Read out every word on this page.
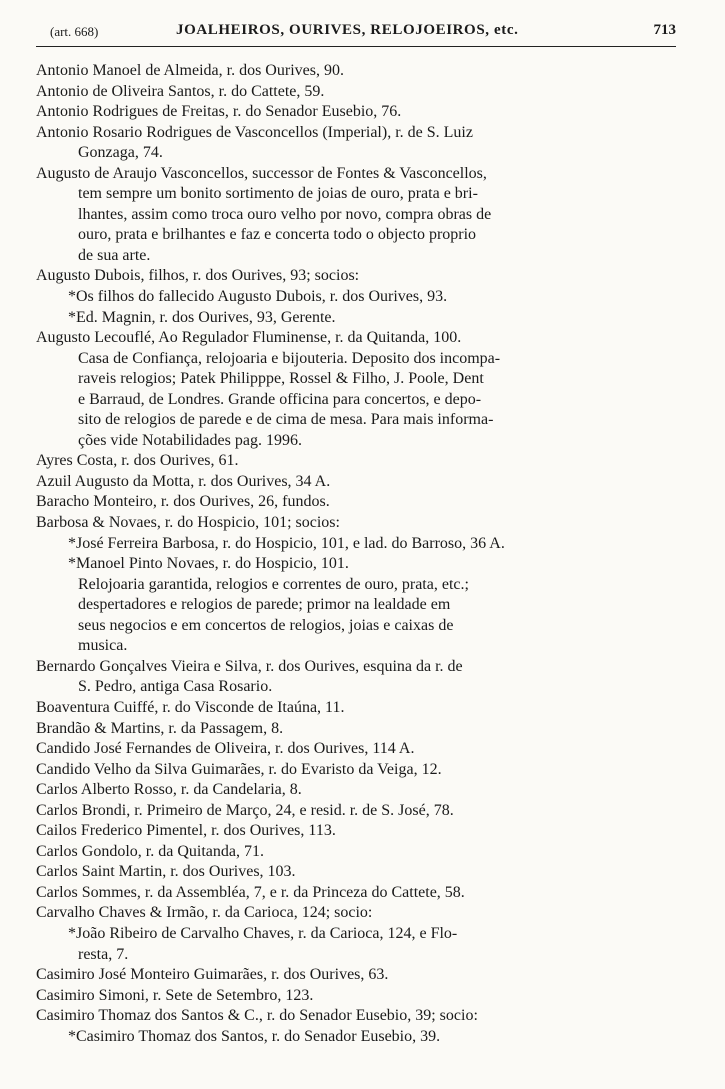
(art. 668)	JOALHEIROS, OURIVES, RELOJOEIROS, etc.	713
Antonio Manoel de Almeida, r. dos Ourives, 90.
Antonio de Oliveira Santos, r. do Cattete, 59.
Antonio Rodrigues de Freitas, r. do Senador Eusebio, 76.
Antonio Rosario Rodrigues de Vasconcellos (Imperial), r. de S. Luiz
Gonzaga, 74.
Augusto de Araujo Vasconcellos, successor de Fontes & Vasconcellos,
tem sempre um bonito sortimento de joias de ouro, prata e bri-
lhantes, assim como troca ouro velho por novo, compra obras de
ouro, prata e brilhantes e faz e concerta todo o objecto proprio
de sua arte.
Augusto Dubois, filhos, r. dos Ourives, 93; socios:
*Os filhos do fallecido Augusto Dubois, r. dos Ourives, 93.
*Ed. Magnin, r. dos Ourives, 93, Gerente.
Augusto Lecouflé, Ao Regulador Fluminense, r. da Quitanda, 100.
Casa de Confiança, relojoaria e bijouteria. Deposito dos incompa-
raveis relogios; Patek Philipppe, Rossel & Filho, J. Poole, Dent
e Barraud, de Londres. Grande officina para concertos, e depo-
sito de relogios de parede e de cima de mesa. Para mais informa-
ções vide Notabilidades pag. 1996.
Ayres Costa, r. dos Ourives, 61.
Azuil Augusto da Motta, r. dos Ourives, 34 A.
Baracho Monteiro, r. dos Ourives, 26, fundos.
Barbosa & Novaes, r. do Hospicio, 101; socios:
*José Ferreira Barbosa, r. do Hospicio, 101, e lad. do Barroso, 36 A.
*Manoel Pinto Novaes, r. do Hospicio, 101.
Relojoaria garantida, relogios e correntes de ouro, prata, etc.;
despertadores e relogios de parede; primor na lealdade em
seus negocios e em concertos de relogios, joias e caixas de
musica.
Bernardo Gonçalves Vieira e Silva, r. dos Ourives, esquina da r. de
S. Pedro, antiga Casa Rosario.
Boaventura Cuiffé, r. do Visconde de Itaúna, 11.
Brandão & Martins, r. da Passagem, 8.
Candido José Fernandes de Oliveira, r. dos Ourives, 114 A.
Candido Velho da Silva Guimarães, r. do Evaristo da Veiga, 12.
Carlos Alberto Rosso, r. da Candelaria, 8.
Carlos Brondi, r. Primeiro de Março, 24, e resid. r. de S. José, 78.
Cailos Frederico Pimentel, r. dos Ourives, 113.
Carlos Gondolo, r. da Quitanda, 71.
Carlos Saint Martin, r. dos Ourives, 103.
Carlos Sommes, r. da Assembléa, 7, e r. da Princeza do Cattete, 58.
Carvalho Chaves & Irmão, r. da Carioca, 124; socio:
*João Ribeiro de Carvalho Chaves, r. da Carioca, 124, e Flo-
resta, 7.
Casimiro José Monteiro Guimarães, r. dos Ourives, 63.
Casimiro Simoni, r. Sete de Setembro, 123.
Casimiro Thomaz dos Santos & C., r. do Senador Eusebio, 39; socio:
*Casimiro Thomaz dos Santos, r. do Senador Eusebio, 39.
